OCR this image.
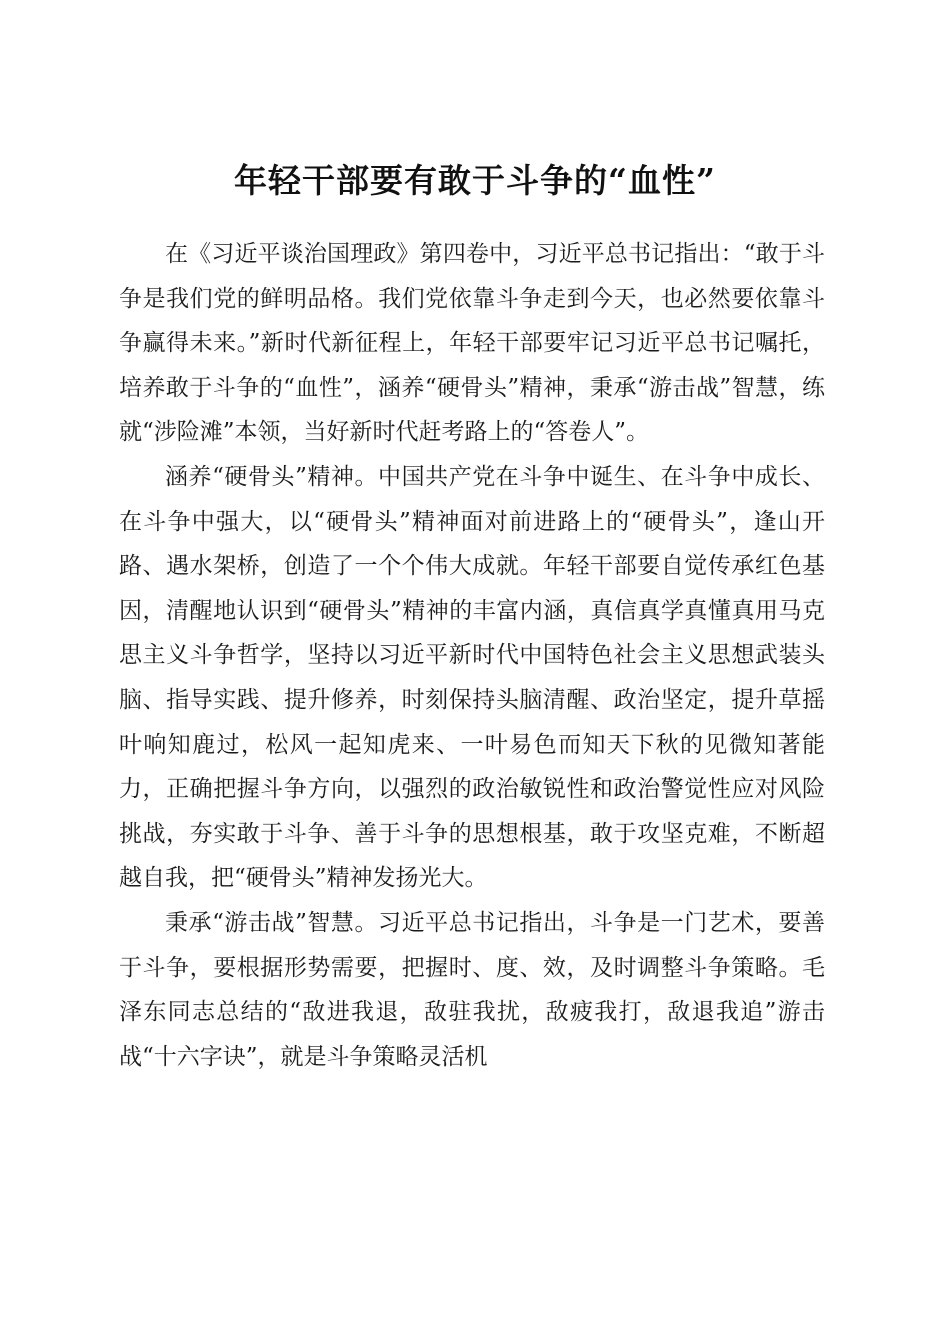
年轻干部要有敢于斗争的“血性”

在《习近平谈治国理政》第四卷中，习近平总书记指出：“敢于斗争是我们党的鲜明品格。我们党依靠斗争走到今天，也必然要依靠斗争赢得未来。”新时代新征程上，年轻干部要牢记习近平总书记嘱托，培养敢于斗争的“血性”，涵养“硬骨头”精神，秉承“游击战”智慧，练就“涉险滩”本领，当好新时代赶考路上的“答卷人”。

涵养“硬骨头”精神。中国共产党在斗争中诞生、在斗争中成长、在斗争中强大，以“硬骨头”精神面对前进路上的“硬骨头”，逢山开路、遇水架桥，创造了一个个伟大成就。年轻干部要自觉传承红色基因，清醒地认识到“硬骨头”精神的丰富内涵，真信真学真懂真用马克思主义斗争哲学，坚持以习近平新时代中国特色社会主义思想武装头脑、指导实践、提升修养，时刻保持头脑清醒、政治坚定，提升草摇叶响知鹿过，松风一起知虎来、一叶易色而知天下秋的见微知著能力，正确把握斗争方向，以强烈的政治敏锐性和政治警觉性应对风险挑战，夯实敢于斗争、善于斗争的思想根基，敢于攻坚克难，不断超越自我，把“硬骨头”精神发扬光大。

秉承“游击战”智慧。习近平总书记指出，斗争是一门艺术，要善于斗争，要根据形势需要，把握时、度、效，及时调整斗争策略。毛泽东同志总结的“敌进我退，敌驻我扰，敌疲我打，敌退我追”游击战“十六字诀”，就是斗争策略灵活机
